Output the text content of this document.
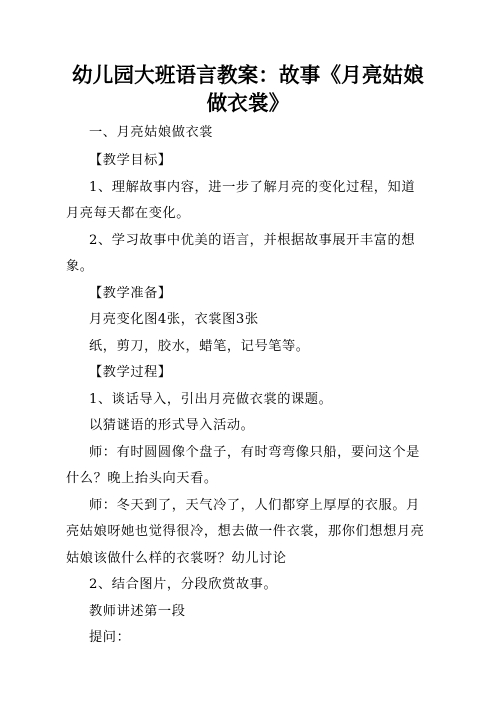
幼儿园大班语言教案：故事《月亮姑娘
做衣裳》
一、月亮姑娘做衣裳
【教学目标】
1、理解故事内容，进一步了解月亮的变化过程，知道
月亮每天都在变化。
2、学习故事中优美的语言，并根据故事展开丰富的想
象。
【教学准备】
月亮变化图4张，衣裳图3张
纸，剪刀，胶水，蜡笔，记号笔等。
【教学过程】
1、谈话导入，引出月亮做衣裳的课题。
以猜谜语的形式导入活动。
师：有时圆圆像个盘子，有时弯弯像只船，要问这个是
什么？晚上抬头向天看。
师：冬天到了，天气冷了，人们都穿上厚厚的衣服。月
亮姑娘呀她也觉得很冷，想去做一件衣裳，那你们想想月亮
姑娘该做什么样的衣裳呀？幼儿讨论
2、结合图片，分段欣赏故事。
教师讲述第一段
提问：
